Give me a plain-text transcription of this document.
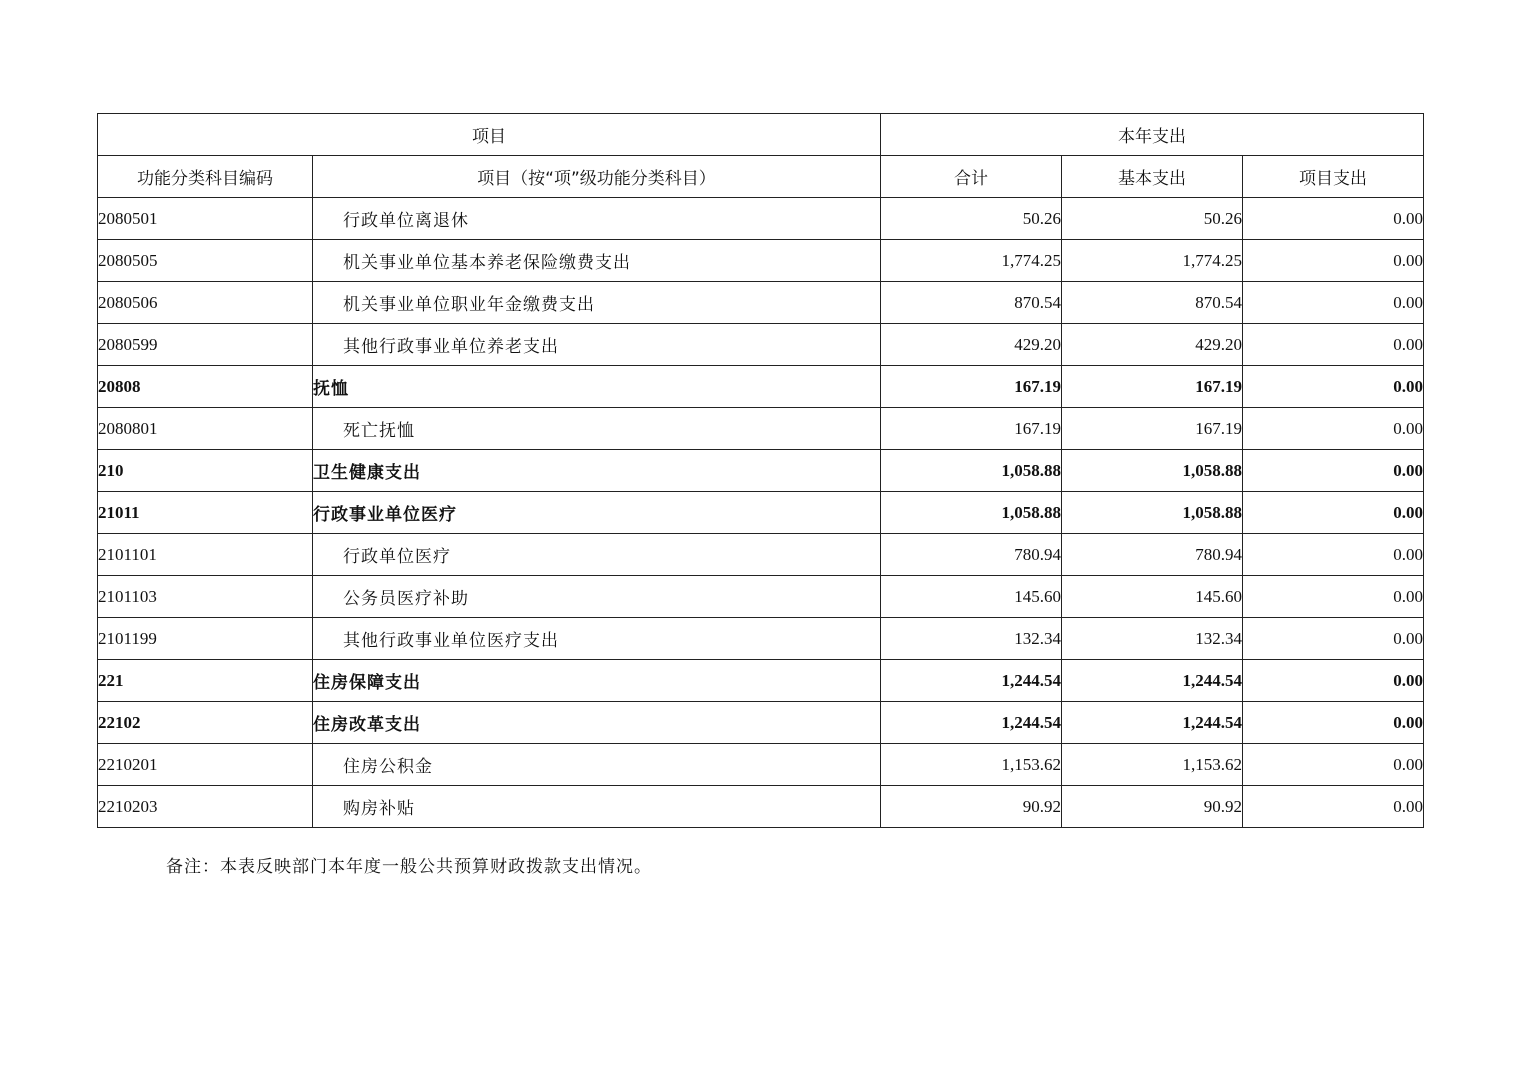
项目		本年支出		
功能分类科目编码	项目（按“项”级功能分类科目）	合计	基本支出	项目支出
2080501	行政单位离退休	50.26	50.26	0.00
2080505	机关事业单位基本养老保险缴费支出	1,774.25	1,774.25	0.00
2080506	机关事业单位职业年金缴费支出	870.54	870.54	0.00
2080599	其他行政事业单位养老支出	429.20	429.20	0.00
20808	抚恤	167.19	167.19	0.00
2080801	死亡抚恤	167.19	167.19	0.00
210	卫生健康支出	1,058.88	1,058.88	0.00
21011	行政事业单位医疗	1,058.88	1,058.88	0.00
2101101	行政单位医疗	780.94	780.94	0.00
2101103	公务员医疗补助	145.60	145.60	0.00
2101199	其他行政事业单位医疗支出	132.34	132.34	0.00
221	住房保障支出	1,244.54	1,244.54	0.00
22102	住房改革支出	1,244.54	1,244.54	0.00
2210201	住房公积金	1,153.62	1,153.62	0.00
2210203	购房补贴	90.92	90.92	0.00
备注：本表反映部门本年度一般公共预算财政拨款支出情况。
